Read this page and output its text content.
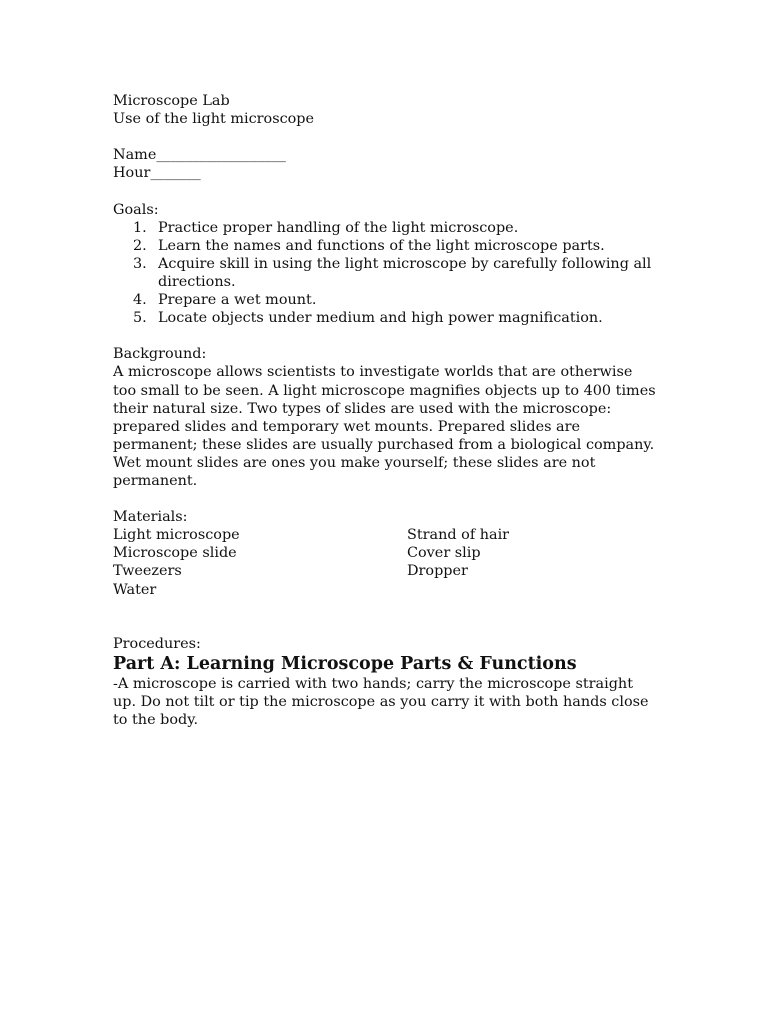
Microscope Lab
Use of the light microscope
Name__________________
Hour_______
Goals:
1. Practice proper handling of the light microscope.
2. Learn the names and functions of the light microscope parts.
3. Acquire skill in using the light microscope by carefully following all directions.
4. Prepare a wet mount.
5. Locate objects under medium and high power magnification.
Background:

A microscope allows scientists to investigate worlds that are otherwise too small to be seen. A light microscope magnifies objects up to 400 times their natural size. Two types of slides are used with the microscope: prepared slides and temporary wet mounts. Prepared slides are permanent; these slides are usually purchased from a biological company. Wet mount slides are ones you make yourself; these slides are not permanent.

Materials:
Light microscope	Strand of hair
Microscope slide	Cover slip
Tweezers	Dropper
Water
Procedures:

Part A: Learning Microscope Parts & Functions

-A microscope is carried with two hands; carry the microscope straight up. Do not tilt or tip the microscope as you carry it with both hands close to the body.
